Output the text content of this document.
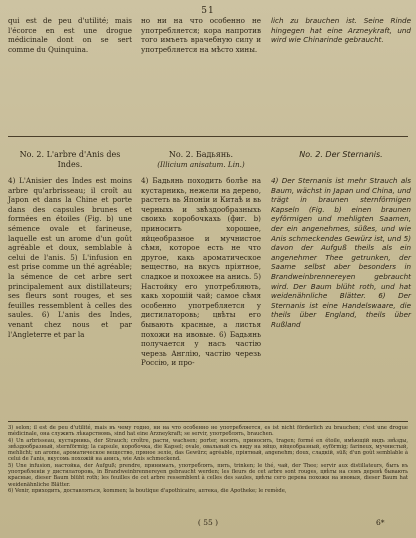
51

qui est de peu d'utilité; mais l'écorce en est une drogue médicinale dont on se sert comme du Quinquina.

но ни на что особенно не употребляется; кора напротив того имъеть врачебную силу и употребляется на мѣсто хины.

lich zu brauchen ist. Seine Rinde hingegen hat eine Arzneykraft, und wird wie Chinarinde gebraucht.

No. 2. L'arbre d'Anis des Indes.
No. 2. Бадьянь.
(Illicium anisatum. Lin.)
No. 2. Der Sternanis.

4) L'Anisier des Indes est moins arbre qu'arbrisseau; il croît au Japon et dans la Chine et porte dans des capsules brunes et formées en étoiles (Fig. b) une sémence ovale et farineuse, laquelle est un arome d'un goût agréable et doux, semblable à celui de l'anis. 5) L'infusion en est prise comme un thé agréable; la sémence de cet arbre sert principalement aux distillateurs; ses fleurs sont rouges, et ses feuilles ressemblent à celles des saules. 6) L'anis des Indes, venant chez nous et par l'Angleterre et par la

4) Бадьянь походить болѣе на кустарникь, нежели на дерево, растеть вь Японіи и Китаѣ и вь черныхь и звѣздообразныхь своихь коробочкахь (фиг. b) приноситъ хорошее, яйцеобразное и мучнистое сѣмя, которое есть не что другое, какь ароматическое вещество, на вкусъ пріятное, сладкое и похожее на анись. 5) Настойку его употребляють, какь хорошій чай; самое сѣмя особенно употребляется у дистилаторовь; цвѣты его бывають красные, а листья похожи на ивовые. 6) Бадьянь получается у насъ частію черезь Англію, частію черезь Россію, и про-

4) Der Sternanis ist mehr Strauch als Baum, wächst in Japan und China, und trägt in braunen sternförmigen Kapseln (Fig. b) einen braunen eyförmigen und mehligten Saamen, der ein angenehmes, süßes, und wie Anis schmeckendes Gewürz ist, und 5) davon der Aufguß theils als ein angenehmer Thee getrunken, der Saame selbst aber besonders in Brandweinbrennereyen gebraucht wird. Der Baum blüht roth, und hat weidenähnliche Blätter. 6) Der Sternanis ist eine Handelswaare, die theils über England, theils über Rußland

3) selon; il est de peu d'utilité, mais въ чему годно, ни на что особенно не употребляется, es ist nicht förderlich zu brauchen; c'est une drogue médicinale, она служить лѣкарствомь, sind hat eine Arzneykraft; se servir, употреблять, brauchen.

4) Un arbrisseau, кустарникь, der Strauch; croître, расти, wachsen; porter, носить, приносить, tragen; formé en étoile, имѣющій видъ звѣзды, звѣздообразный, sternförmig; la capsule, коробочка, die Kapsel; ovale, овальный съ виду на яйцо, яйцеобразный, eyförmig; farineux, мучнистый, mehlicht; un arome, ароматическое вещество, пряное зеліе, das Gewürz; agréable, пріятный, angenehm; doux, сладкій, süß; d'un goût semblable à celui de l'anis, вкусомь похожій на анись, wie Anis schmeckend.

5) Une infusion, настойка, der Aufguß; prendre, принимать, употреблять, пить, trinken; le thé, чай, der Thee; servir aux distillateurs, быть въ употребленіи у дистилаторовь, in Brandweinbrennereyen gebraucht werden; les fleurs de cet arbre sont rouges, цвѣты на семъ деревѣ бывають красные, dieser Baum blüht roth; les feuilles de cet arbre ressemblent à celles des saules, цвѣты сего дерева похожи на ивовыя, dieser Baum hat weidenähnliche Blätter.

6) Venir, приходить, доставляться, kommen; la boutique d'apothicaire, аптека, die Apotheke; le remède,

( 55 )	6*
